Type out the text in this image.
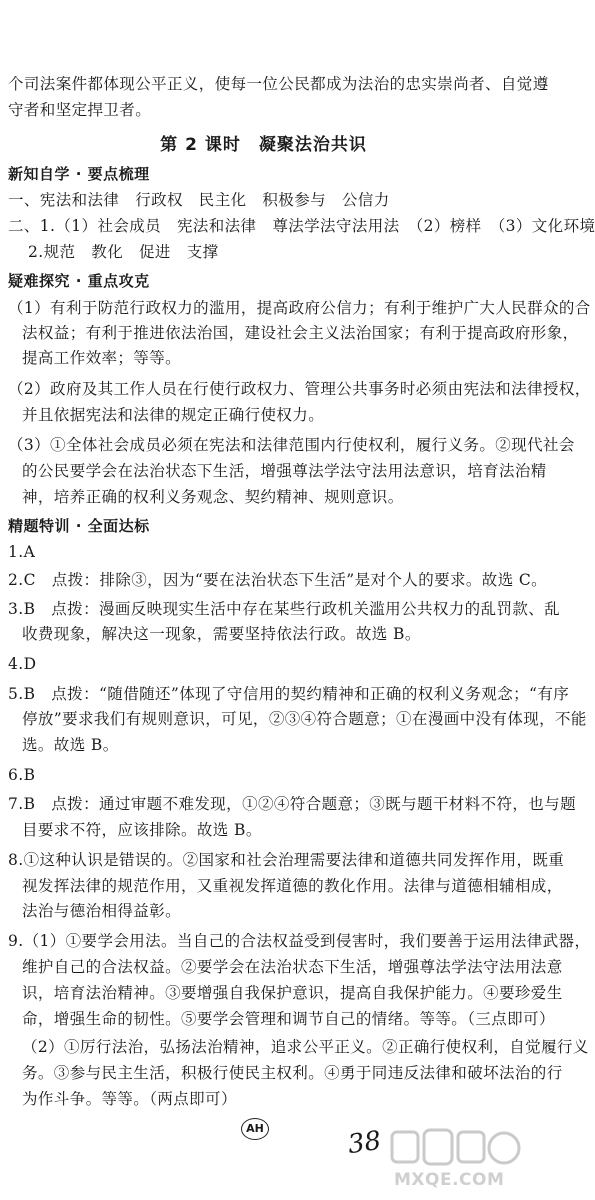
个司法案件都体现公平正义，使每一位公民都成为法治的忠实崇尚者、自觉遵
守者和坚定捍卫者。
第 2 课时　凝聚法治共识
新知自学 · 要点梳理
一、宪法和法律　行政权　民主化　积极参与　公信力
二、1.（1）社会成员　宪法和法律　尊法学法守法用法　（2）榜样　（3）文化环境
2.规范　教化　促进　支撑
疑难探究 · 重点攻克
（1）有利于防范行政权力的滥用，提高政府公信力；有利于维护广大人民群众的合
法权益；有利于推进依法治国，建设社会主义法治国家；有利于提高政府形象，
提高工作效率；等等。
（2）政府及其工作人员在行使行政权力、管理公共事务时必须由宪法和法律授权，
并且依据宪法和法律的规定正确行使权力。
（3）①全体社会成员必须在宪法和法律范围内行使权利，履行义务。②现代社会
的公民要学会在法治状态下生活，增强尊法学法守法用法意识，培育法治精
神，培养正确的权利义务观念、契约精神、规则意识。
精题特训 · 全面达标
1.A
2.C　点拨：排除③，因为“要在法治状态下生活”是对个人的要求。故选 C。
3.B　点拨：漫画反映现实生活中存在某些行政机关滥用公共权力的乱罚款、乱
收费现象，解决这一现象，需要坚持依法行政。故选 B。
4.D
5.B　点拨：“随借随还”体现了守信用的契约精神和正确的权利义务观念；“有序
停放”要求我们有规则意识，可见，②③④符合题意；①在漫画中没有体现，不能
选。故选 B。
6.B
7.B　点拨：通过审题不难发现，①②④符合题意；③既与题干材料不符，也与题
目要求不符，应该排除。故选 B。
8.①这种认识是错误的。②国家和社会治理需要法律和道德共同发挥作用，既重
视发挥法律的规范作用，又重视发挥道德的教化作用。法律与道德相辅相成，
法治与德治相得益彰。
9.（1）①要学会用法。当自己的合法权益受到侵害时，我们要善于运用法律武器，
维护自己的合法权益。②要学会在法治状态下生活，增强尊法学法守法用法意
识，培育法治精神。③要增强自我保护意识，提高自我保护能力。④要珍爱生
命，增强生命的韧性。⑤要学会管理和调节自己的情绪。等等。（三点即可）
（2）①厉行法治，弘扬法治精神，追求公平正义。②正确行使权利，自觉履行义
务。③参与民主生活，积极行使民主权利。④勇于同违反法律和破坏法治的行
为作斗争。等等。（两点即可）
AH	38
MXQE.COM
